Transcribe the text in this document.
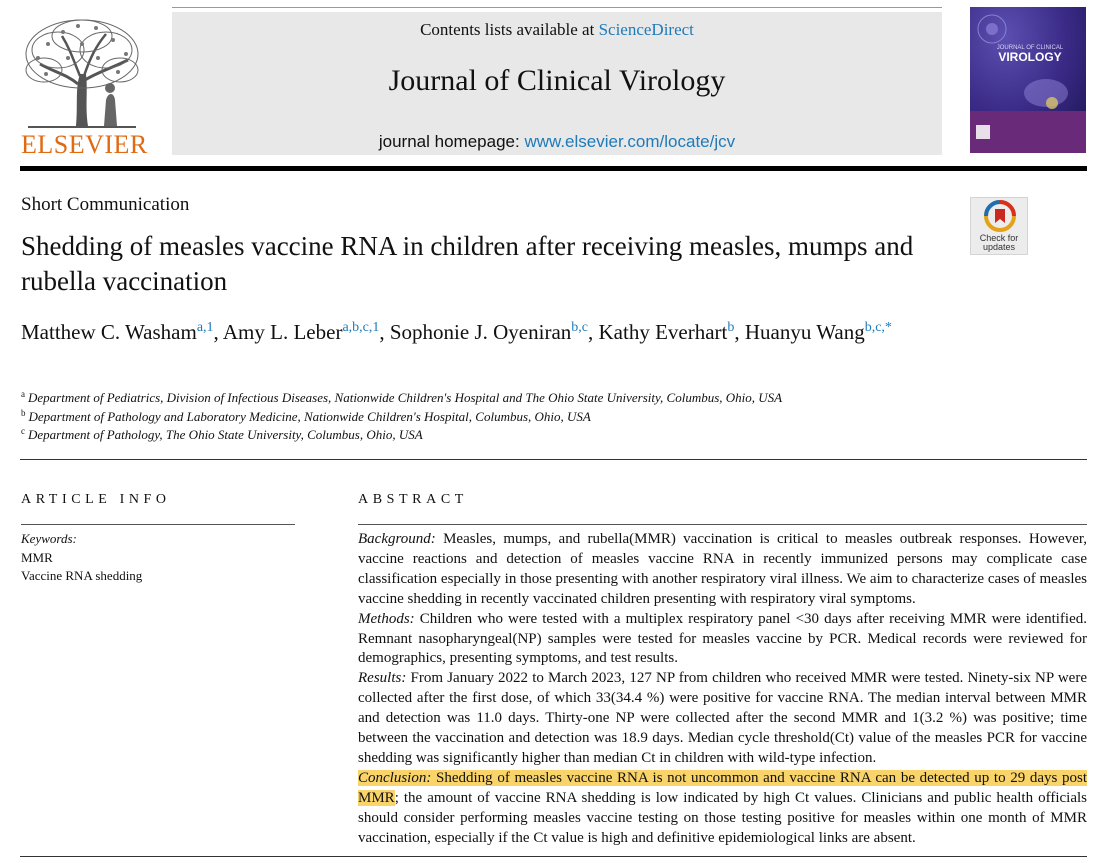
ELSEVIER
Contents lists available at ScienceDirect
Journal of Clinical Virology
journal homepage: www.elsevier.com/locate/jcv
JOURNAL OF CLINICAL
VIROLOGY
Short Communication
Shedding of measles vaccine RNA in children after receiving measles, mumps and rubella vaccination
Check for
updates
Matthew C. Washam$^{a,1}$, Amy L. Leber$^{a,b,c,1}$, Sophonie J. Oyeniran$^{b,c}$, Kathy Everhart$^b$, Huanyu Wang$^{b,c,*}$
$^a$ Department of Pediatrics, Division of Infectious Diseases, Nationwide Children's Hospital and The Ohio State University, Columbus, Ohio, USA
$^b$ Department of Pathology and Laboratory Medicine, Nationwide Children's Hospital, Columbus, Ohio, USA
$^c$ Department of Pathology, The Ohio State University, Columbus, Ohio, USA
ARTICLE INFO
Keywords:
MMR
Vaccine RNA shedding
ABSTRACT

Background: Measles, mumps, and rubella(MMR) vaccination is critical to measles outbreak responses. However, vaccine reactions and detection of measles vaccine RNA in recently immunized persons may complicate case classification especially in those presenting with another respiratory viral illness. We aim to characterize cases of measles vaccine shedding in recently vaccinated children presenting with respiratory viral symptoms.

Methods: Children who were tested with a multiplex respiratory panel <30 days after receiving MMR were identified. Remnant nasopharyngeal(NP) samples were tested for measles vaccine by PCR. Medical records were reviewed for demographics, presenting symptoms, and test results.

Results: From January 2022 to March 2023, 127 NP from children who received MMR were tested. Ninety-six NP were collected after the first dose, of which 33(34.4 %) were positive for vaccine RNA. The median interval between MMR and detection was 11.0 days. Thirty-one NP were collected after the second MMR and 1(3.2 %) was positive; time between the vaccination and detection was 18.9 days. Median cycle threshold(Ct) value of the measles PCR for vaccine shedding was significantly higher than median Ct in children with wild-type infection.

Conclusion: Shedding of measles vaccine RNA is not uncommon and vaccine RNA can be detected up to 29 days post MMR; the amount of vaccine RNA shedding is low indicated by high Ct values. Clinicians and public health officials should consider performing measles vaccine testing on those testing positive for measles within one month of MMR vaccination, especially if the Ct value is high and definitive epidemiological links are absent.
